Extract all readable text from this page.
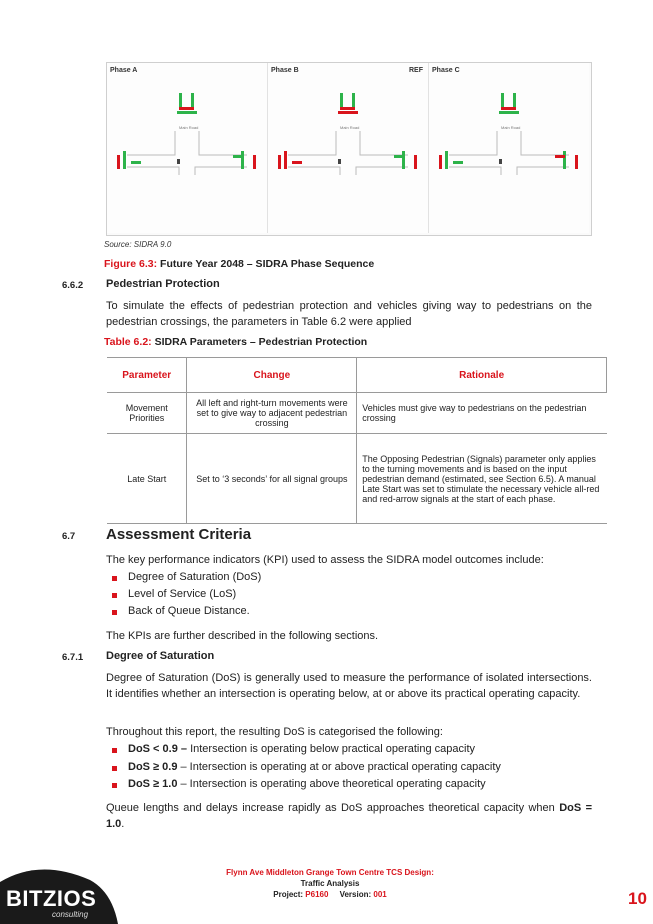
Phase A
Main Road
Phase B	REF
Main Road
Phase C
Main Road
Source: SIDRA 9.0
Figure 6.3: Future Year 2048 – SIDRA Phase Sequence
6.6.2 Pedestrian Protection
To simulate the effects of pedestrian protection and vehicles giving way to pedestrians on the pedestrian crossings, the parameters in Table 6.2 were applied
Table 6.2: SIDRA Parameters – Pedestrian Protection
Parameter	Change	Rationale
Movement Priorities	All left and right-turn movements were set to give way to adjacent pedestrian crossing	Vehicles must give way to pedestrians on the pedestrian crossing
Late Start	Set to ‘3 seconds’ for all signal groups	The Opposing Pedestrian (Signals) parameter only applies to the turning movements and is based on the input pedestrian demand (estimated, see Section 6.5). A manual Late Start was set to stimulate the necessary vehicle all-red and red-arrow signals at the start of each phase.
6.7 Assessment Criteria
The key performance indicators (KPI) used to assess the SIDRA model outcomes include:
Degree of Saturation (DoS)
Level of Service (LoS)
Back of Queue Distance.
The KPIs are further described in the following sections.
6.7.1 Degree of Saturation
Degree of Saturation (DoS) is generally used to measure the performance of isolated intersections. It identifies whether an intersection is operating below, at or above its practical operating capacity.
Throughout this report, the resulting DoS is categorised the following:
DoS < 0.9 – Intersection is operating below practical operating capacity
DoS ≥ 0.9 – Intersection is operating at or above practical operating capacity
DoS ≥ 1.0 – Intersection is operating above theoretical operating capacity
Queue lengths and delays increase rapidly as DoS approaches theoretical capacity when DoS = 1.0.
BITZIOS
consulting
Flynn Ave Middleton Grange Town Centre TCS Design:
Traffic Analysis
Project: P6160 Version: 001	10
